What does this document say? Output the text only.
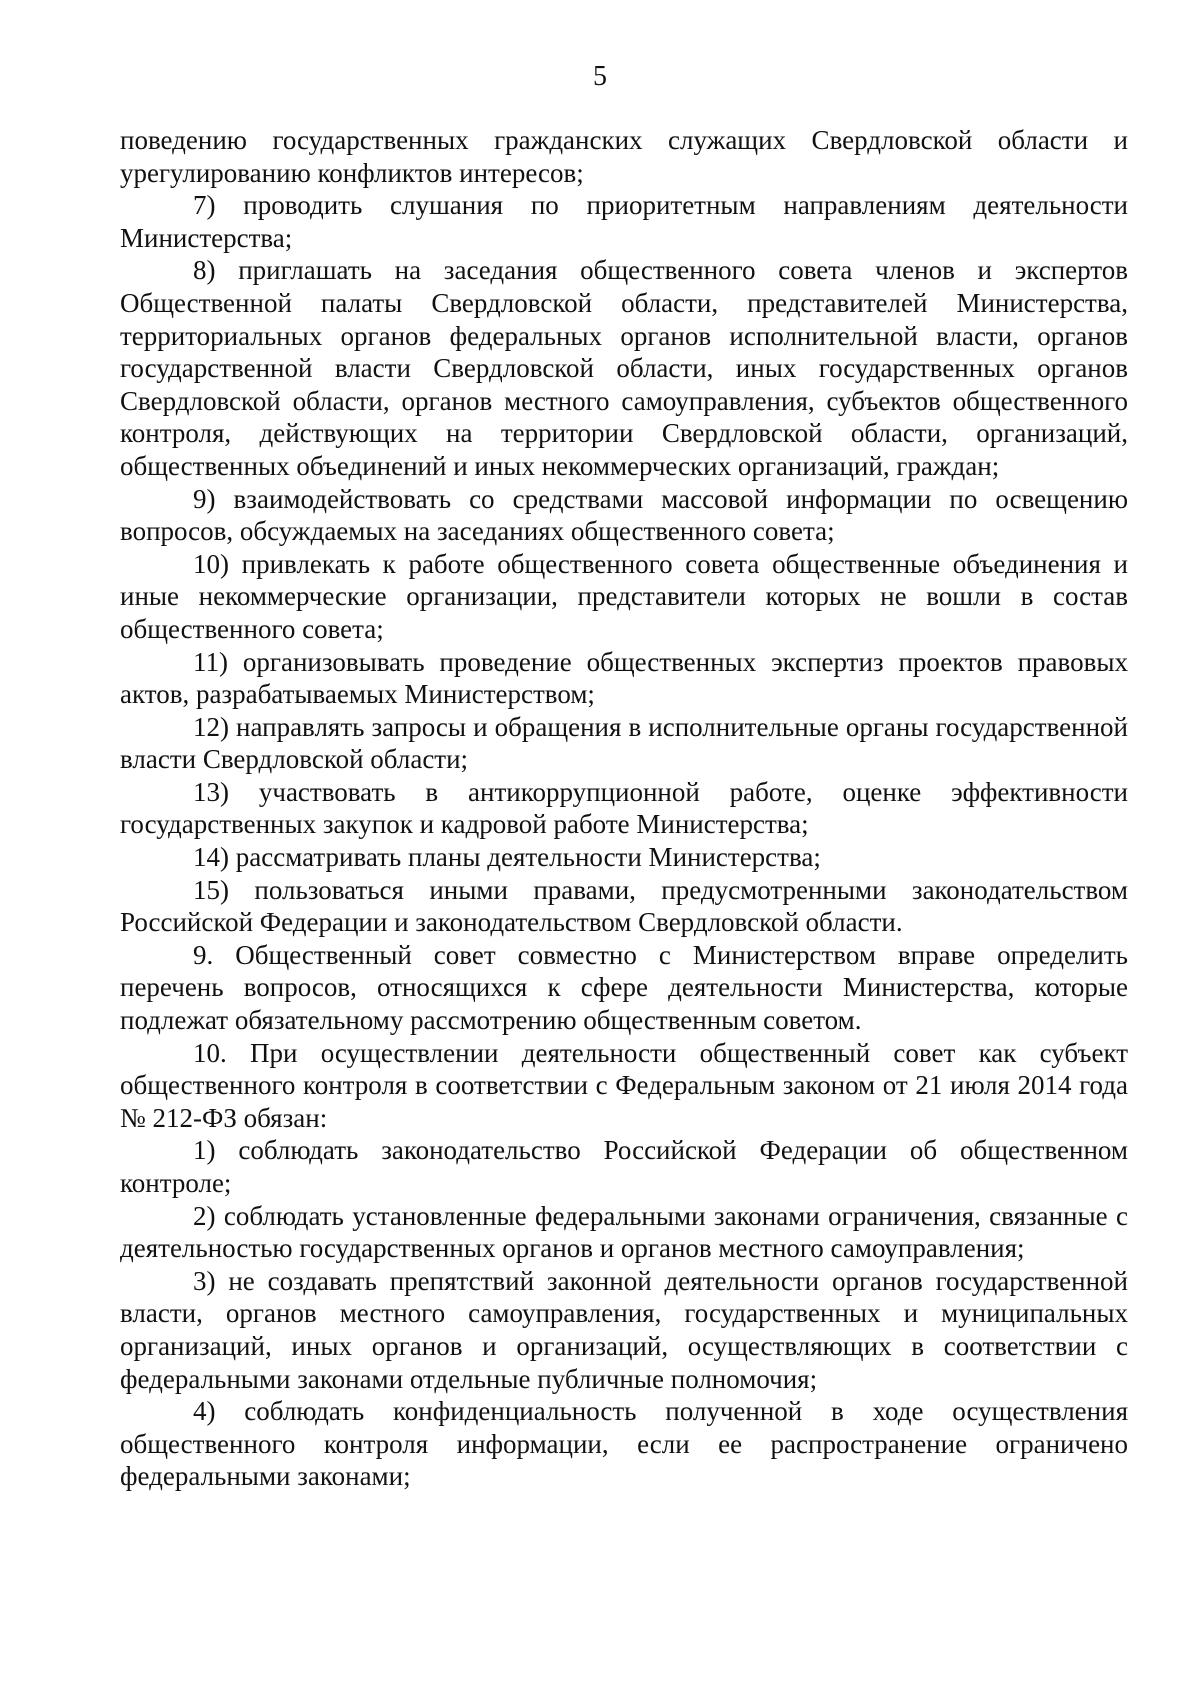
5

поведению государственных гражданских служащих Свердловской области и урегулированию конфликтов интересов;

7) проводить слушания по приоритетным направлениям деятельности Министерства;

8) приглашать на заседания общественного совета членов и экспертов Общественной палаты Свердловской области, представителей Министерства, территориальных органов федеральных органов исполнительной власти, органов государственной власти Свердловской области, иных государственных органов Свердловской области, органов местного самоуправления, субъектов общественного контроля, действующих на территории Свердловской области, организаций, общественных объединений и иных некоммерческих организаций, граждан;

9) взаимодействовать со средствами массовой информации по освещению вопросов, обсуждаемых на заседаниях общественного совета;

10) привлекать к работе общественного совета общественные объединения и иные некоммерческие организации, представители которых не вошли в состав общественного совета;

11) организовывать проведение общественных экспертиз проектов правовых актов, разрабатываемых Министерством;

12) направлять запросы и обращения в исполнительные органы государственной власти Свердловской области;

13) участвовать в антикоррупционной работе, оценке эффективности государственных закупок и кадровой работе Министерства;

14) рассматривать планы деятельности Министерства;

15) пользоваться иными правами, предусмотренными законодательством Российской Федерации и законодательством Свердловской области.

9. Общественный совет совместно с Министерством вправе определить перечень вопросов, относящихся к сфере деятельности Министерства, которые подлежат обязательному рассмотрению общественным советом.

10. При осуществлении деятельности общественный совет как субъект общественного контроля в соответствии с Федеральным законом от 21 июля 2014 года № 212-ФЗ обязан:

1) соблюдать законодательство Российской Федерации об общественном контроле;

2) соблюдать установленные федеральными законами ограничения, связанные с деятельностью государственных органов и органов местного самоуправления;

3) не создавать препятствий законной деятельности органов государственной власти, органов местного самоуправления, государственных и муниципальных организаций, иных органов и организаций, осуществляющих в соответствии с федеральными законами отдельные публичные полномочия;

4) соблюдать конфиденциальность полученной в ходе осуществления общественного контроля информации, если ее распространение ограничено федеральными законами;
